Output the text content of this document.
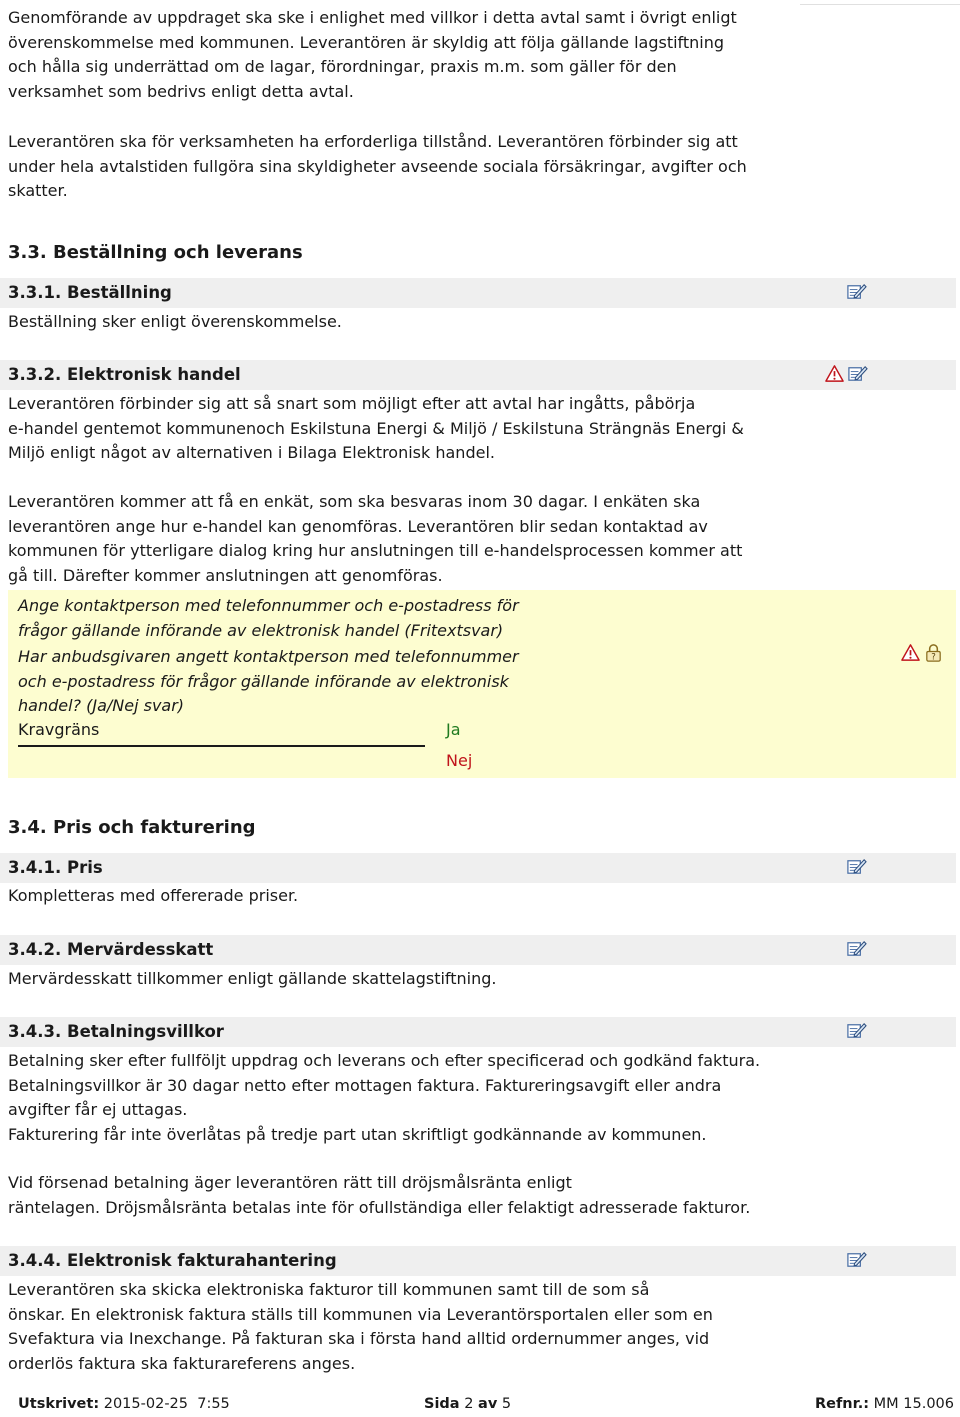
Genomförande av uppdraget ska ske i enlighet med villkor i detta avtal samt i övrigt enligt

överenskommelse med kommunen. Leverantören är skyldig att följa gällande lagstiftning

och hålla sig underrättad om de lagar, förordningar, praxis m.m. som gäller för den

verksamhet som bedrivs enligt detta avtal.

Leverantören ska för verksamheten ha erforderliga tillstånd. Leverantören förbinder sig att

under hela avtalstiden fullgöra sina skyldigheter avseende sociala försäkringar, avgifter och

skatter.

3.3. Beställning och leverans
3.3.1. Beställning

Beställning sker enligt överenskommelse.

3.3.2. Elektronisk handel

Leverantören förbinder sig att så snart som möjligt efter att avtal har ingåtts, påbörja

e-handel gentemot kommunenoch Eskilstuna Energi & Miljö / Eskilstuna Strängnäs Energi &

Miljö enligt något av alternativen i Bilaga Elektronisk handel.

Leverantören kommer att få en enkät, som ska besvaras inom 30 dagar. I enkäten ska

leverantören ange hur e-handel kan genomföras. Leverantören blir sedan kontaktad av

kommunen för ytterligare dialog kring hur anslutningen till e-handelsprocessen kommer att

gå till. Därefter kommer anslutningen att genomföras.

Ange kontaktperson med telefonnummer och e-postadress för

frågor gällande införande av elektronisk handel (Fritextsvar)

Har anbudsgivaren angett kontaktperson med telefonnummer

och e-postadress för frågor gällande införande av elektronisk

handel? (Ja/Nej svar)

Kravgräns	Ja
Nej
?
3.4. Pris och fakturering
3.4.1. Pris

Kompletteras med offererade priser.

3.4.2. Mervärdesskatt

Mervärdesskatt tillkommer enligt gällande skattelagstiftning.

3.4.3. Betalningsvillkor

Betalning sker efter fullföljt uppdrag och leverans och efter specificerad och godkänd faktura.

Betalningsvillkor är 30 dagar netto efter mottagen faktura. Faktureringsavgift eller andra

avgifter får ej uttagas.

Fakturering får inte överlåtas på tredje part utan skriftligt godkännande av kommunen.

Vid försenad betalning äger leverantören rätt till dröjsmålsränta enligt

räntelagen. Dröjsmålsränta betalas inte för ofullständiga eller felaktigt adresserade fakturor.

3.4.4. Elektronisk fakturahantering

Leverantören ska skicka elektroniska fakturor till kommunen samt till de som så

önskar. En elektronisk faktura ställs till kommunen via Leverantörsportalen eller som en

Svefaktura via Inexchange. På fakturan ska i första hand alltid ordernummer anges, vid

orderlös faktura ska fakturareferens anges.

Utskrivet: 2015-02-25  7:55	Sida 2 av 5	Refnr.: MM 15.006
